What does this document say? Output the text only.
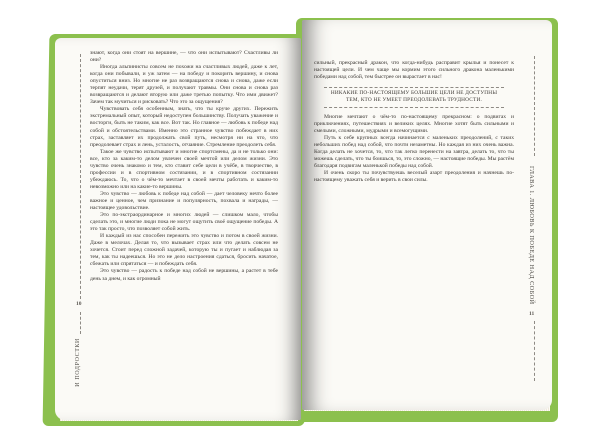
знают, когда они стоят на вершине, — что они испытывают? Счастливы ли они?

Иногда альпинисты совсем не похожи на счастливых людей, даже к лет, когда они побывали, и уж затем — на победу и покорить вершину, и снова опуститься вниз. Но многие не раз возвращаются снова и снова, даже если терпят неудачи, терят друзей, и получают травмы. Они снова и снова раз возвращаются и делают вторую или даже третью попытку. Что ими движет? Зачем так мучиться и рисковать? Что это за ощущения?

Чувствовать себя особенным, знать, что ты круче других. Пережить экстремальный опыт, который недоступен большинству. Получать уважение и восторги, быть не таким, как все. Вот так. Но главное — любовь к победе над собой и обстоятельствами. Именно это странное чувство побеждает в них страх, заставляет их продолжать свой путь, несмотря ни на что, что преодолевает страх и лень, усталость, отчаяние. Стремление преодолеть себя.

Такое же чувство испытывают и многие спортсмены, да и не только они: все, кто за каким-то делом увлечен своей мечтой или делом жизни. Это чувство очень знакомо и тем, кто ставит себе цели в учёбе, в творчестве, в профессии и в спортивном состязании, и в спортивном состязании убеждаюсь. То, что о чём-то мечтает в своей мечты работать и каким-то невозможно или на какие-то вершины.

Это чувство — любовь к победе над собой — дает человеку нечто более важное и ценное, чем признание и популярность, похвала и награды, — настоящее удовольствие.

Это по-экстраординарное и многих людей — слишком мало, чтобы сделать это, и многие люди пока не могут ощутить своё ощущение победы. А это так просто, что позволяет собой жить.

И каждый из нас способен пережить это чувство и потом в своей жизни. Даже в мелочах. Делая то, что вызывает страх или что делать совсем не хочется. Стоит перед сложной задачей, которую ты и пугает и наблюдая за тем, как ты надеешься. Но это не дело настроения сдаться, бросить начатое, сбежать или спрятаться — и побеждать себя.

Это чувство — радость к победе над собой не вершины, а растет в тебе день за днем, и как огромный

10
И ПОДРОСТКИ

сильный, прекрасный дракон, что когда-нибудь расправит крылья и понесет к настоящей цели. И чем чаще мы кормим этого сильного дракона маленькими победами над собой, тем быстрее он вырастает в нас!

НИКАКИЕ ПО-НАСТОЯЩЕМУ БОЛЬШИЕ ЦЕЛИ НЕ ДОСТУПНЫ ТЕМ, КТО НЕ УМЕЕТ ПРЕОДОЛЕВАТЬ ТРУДНОСТИ.

Многие мечтают о чём-то по-настоящему прекрасном: о подвигах и приключениях, путешествиях и великих целях. Многие хотят быть сильными и смелыми, сложными, мудрыми и всемогущими.

Путь к себе крупных всегда начинается с маленьких преодолений, с таких небольших побед над собой, что почти незаметны. Но каждая из них очень важна. Когда делать не хочется, то, что так легко перенести на завтра, делать то, что ты можешь сделать, что ты боишься, то, это сложно, — настоящие победы. Мы растём благодаря подвигам маленькой победы над собой.

И очень скоро ты почувствуешь веселый азарт преодоления и начнешь по-настоящему уважать себя и верить в свои силы.	ГЛАВА 1. ЛЮБОВЬ К ПОБЕДЕ НАД СОБОЙ
11
